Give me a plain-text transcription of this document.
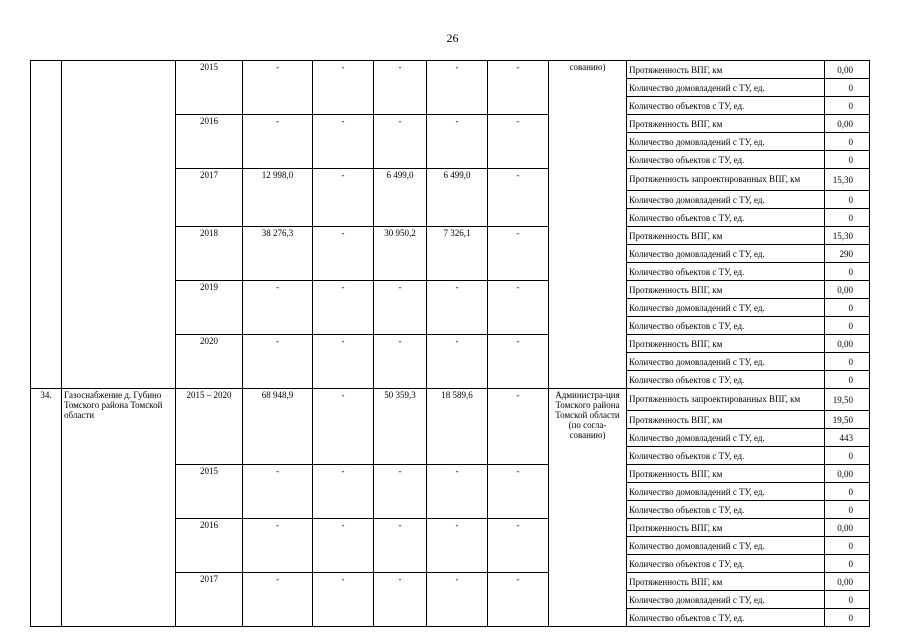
26
		2015	-	-	-	-	-	сованию)	Протяженность ВПГ, км	0,00
									Количество домовладений с ТУ, ед.	0
									Количество объектов с ТУ, ед.	0
		2016	-	-	-	-	-		Протяженность ВПГ, км	0,00
									Количество домовладений с ТУ, ед.	0
									Количество объектов с ТУ, ед.	0
		2017	12 998,0	-	6 499,0	6 499,0	-		Протяженность запроектированных ВПГ, км	15,30
									Количество домовладений с ТУ, ед.	0
									Количество объектов с ТУ, ед.	0
		2018	38 276,3	-	30 950,2	7 326,1	-		Протяженность ВПГ, км	15,30
									Количество домовладений с ТУ, ед.	290
									Количество объектов с ТУ, ед.	0
		2019	-	-	-	-	-		Протяженность ВПГ, км	0,00
									Количество домовладений с ТУ, ед.	0
									Количество объектов с ТУ, ед.	0
		2020	-	-	-	-	-		Протяженность ВПГ, км	0,00
									Количество домовладений с ТУ, ед.	0
									Количество объектов с ТУ, ед.	0
34.	Газоснабжение д. Губино Томского района Томской области	2015 – 2020	68 948,9	-	50 359,3	18 589,6	-	Администра-ция Томского района Томской области (по согла-сованию)	Протяженность запроектированных ВПГ, км	19,50
									Протяженность ВПГ, км	19,50
									Количество домовладений с ТУ, ед.	443
									Количество объектов с ТУ, ед.	0
		2015	-	-	-	-	-		Протяженность ВПГ, км	0,00
									Количество домовладений с ТУ, ед.	0
									Количество объектов с ТУ, ед.	0
		2016	-	-	-	-	-		Протяженность ВПГ, км	0,00
									Количество домовладений с ТУ, ед.	0
									Количество объектов с ТУ, ед.	0
		2017	-	-	-	-	-		Протяженность ВПГ, км	0,00
									Количество домовладений с ТУ, ед.	0
									Количество объектов с ТУ, ед.	0
